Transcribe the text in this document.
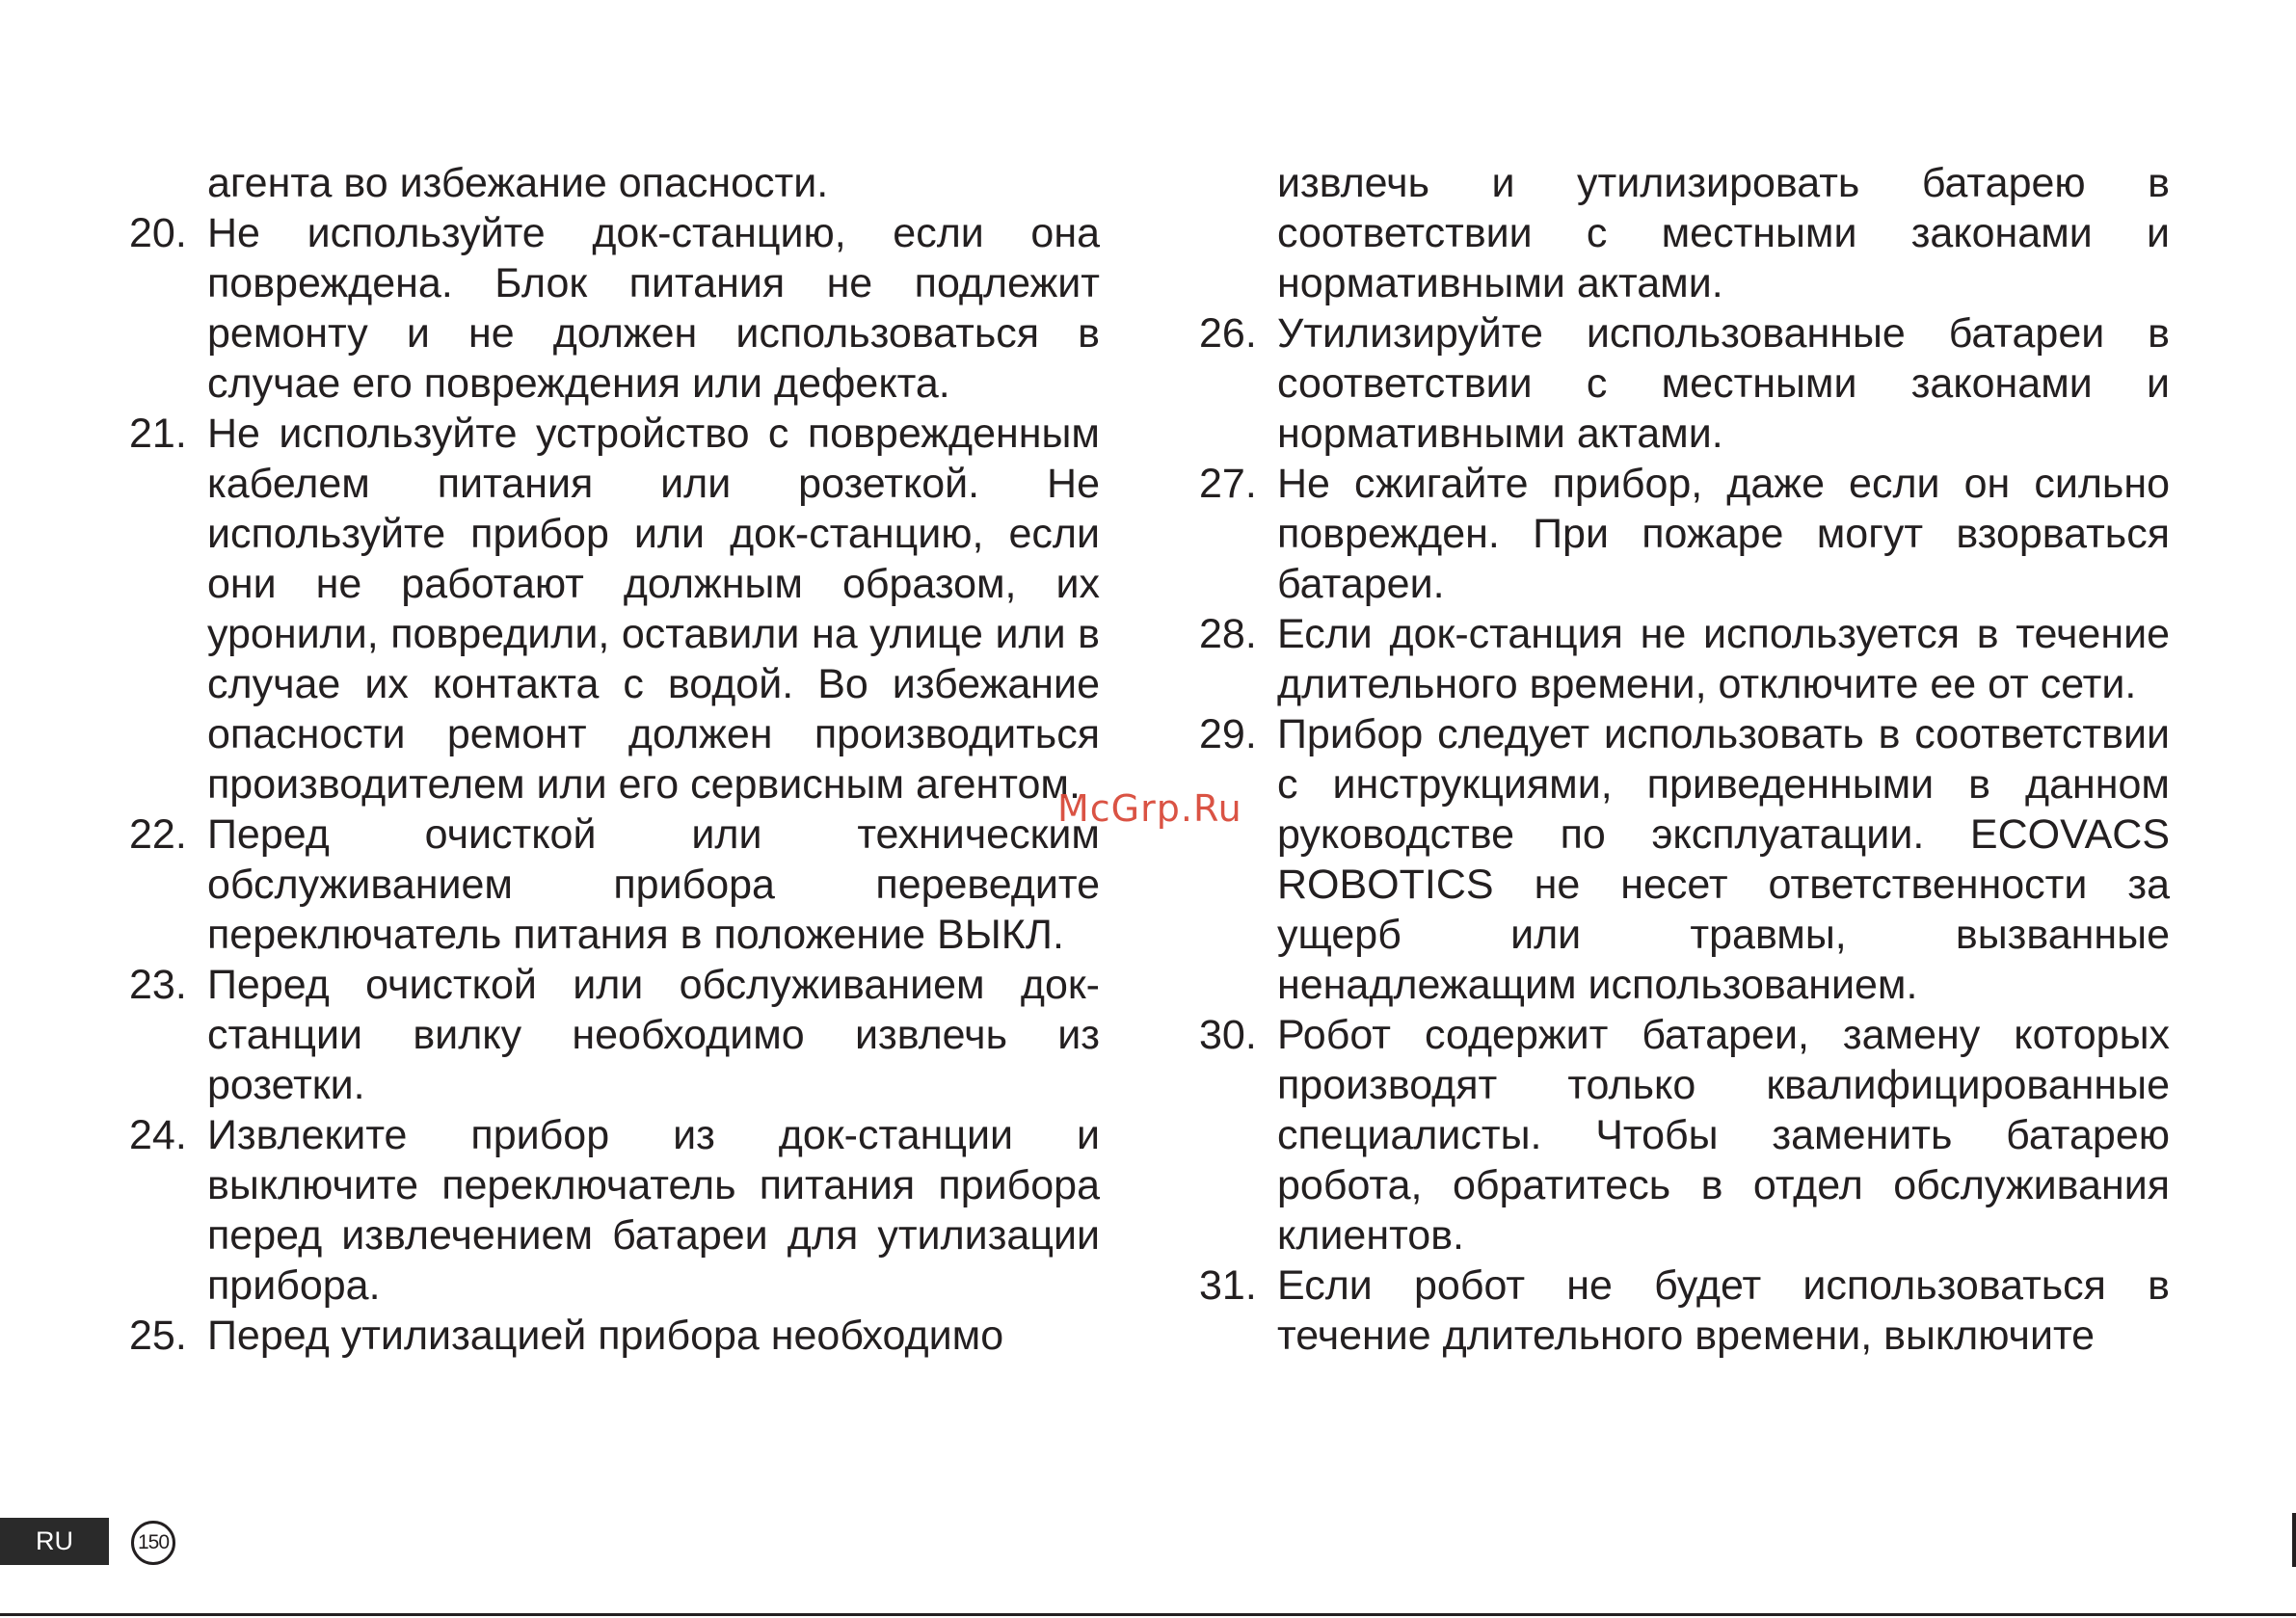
агента во избежание опасности.
20. Не используйте док-станцию, если она повреждена. Блок питания не подлежит ремонту и не должен использоваться в случае его повреждения или дефекта.
21. Не используйте устройство с поврежденным кабелем питания или розеткой. Не используйте прибор или док-станцию, если они не работают должным образом, их уронили, повредили, оставили на улице или в случае их контакта с водой. Во избежание опасности ремонт должен производиться производителем или его сервисным агентом.
22. Перед очисткой или техническим обслуживанием прибора переведите переключатель питания в положение ВЫКЛ.
23. Перед очисткой или обслуживанием док-станции вилку необходимо извлечь из розетки.
24. Извлеките прибор из док-станции и выключите переключатель питания прибора перед извлечением батареи для утилизации прибора.
25. Перед утилизацией прибора необходимо
извлечь и утилизировать батарею в соответствии с местными законами и нормативными актами.
26. Утилизируйте использованные батареи в соответствии с местными законами и нормативными актами.
27. Не сжигайте прибор, даже если он сильно поврежден. При пожаре могут взорваться батареи.
28. Если док-станция не используется в течение длительного времени, отключите ее от сети.
29. Прибор следует использовать в соответствии с инструкциями, приведенными в данном руководстве по эксплуатации. ECOVACS ROBOTICS не несет ответственности за ущерб или травмы, вызванные ненадлежащим использованием.
30. Робот содержит батареи, замену которых производят только квалифицированные специалисты. Чтобы заменить батарею робота, обратитесь в отдел обслуживания клиентов.
31. Если робот не будет использоваться в течение длительного времени, выключите
McGrp.Ru
RU	150
